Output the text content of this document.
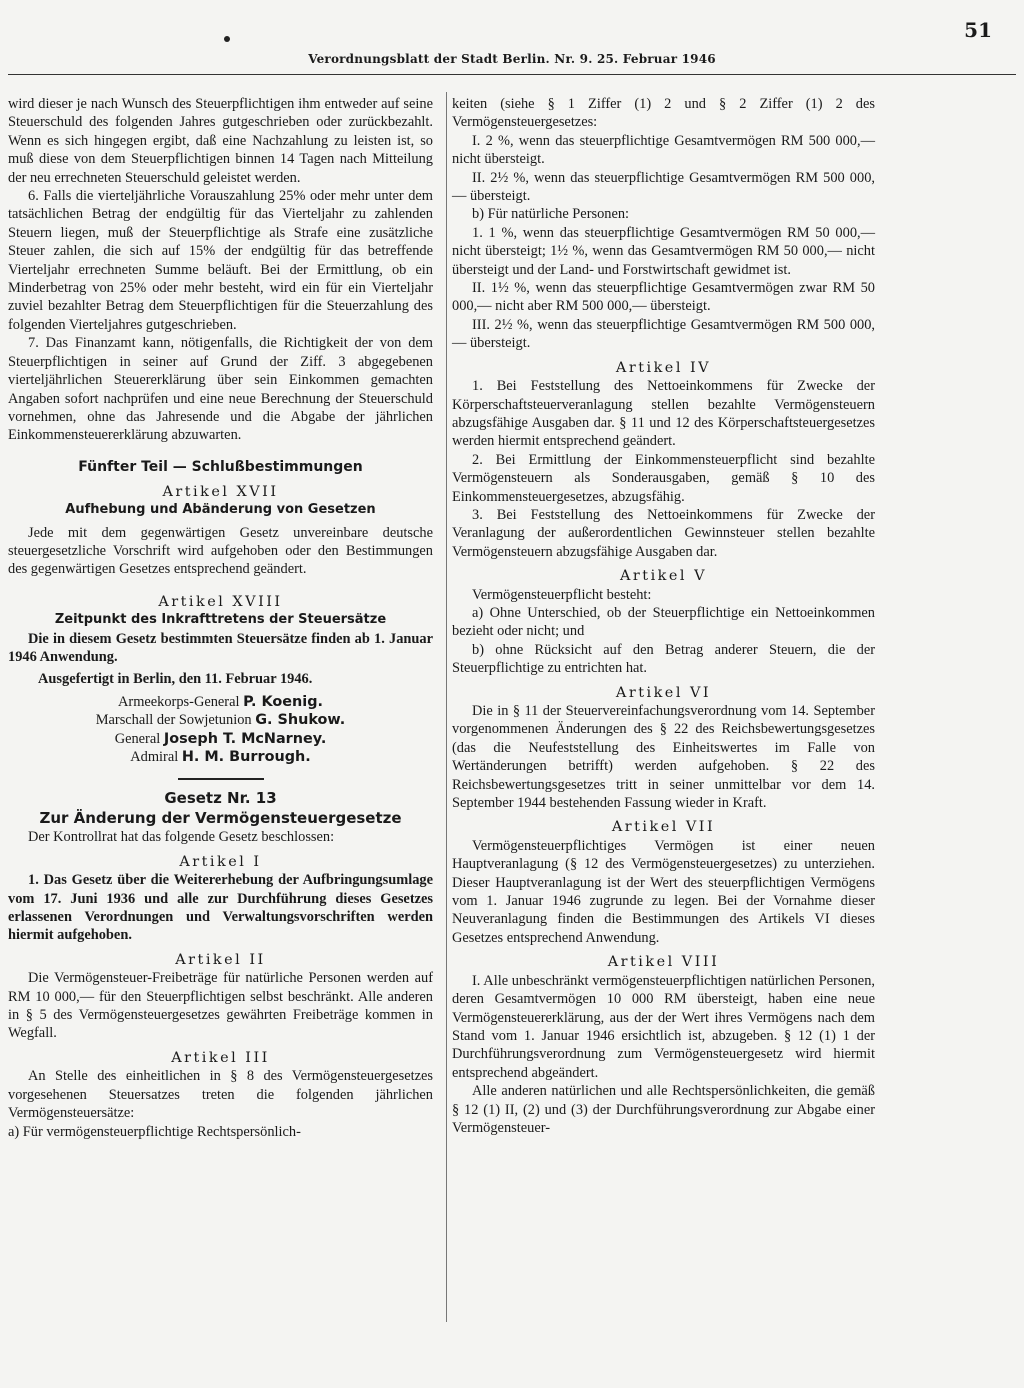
Verordnungsblatt der Stadt Berlin. Nr. 9. 25. Februar 1946
51

wird dieser je nach Wunsch des Steuerpflichtigen ihm entweder auf seine Steuerschuld des folgenden Jahres gutgeschrieben oder zurückbezahlt. Wenn es sich hingegen ergibt, daß eine Nachzahlung zu leisten ist, so muß diese von dem Steuerpflichtigen binnen 14 Tagen nach Mitteilung der neu errechneten Steuerschuld geleistet werden.

6. Falls die vierteljährliche Vorauszahlung 25% oder mehr unter dem tatsächlichen Betrag der endgültig für das Vierteljahr zu zahlenden Steuern liegen, muß der Steuerpflichtige als Strafe eine zusätzliche Steuer zahlen, die sich auf 15% der endgültig für das betreffende Vierteljahr errechneten Summe beläuft. Bei der Ermittlung, ob ein Minderbetrag von 25% oder mehr besteht, wird ein für ein Vierteljahr zuviel bezahlter Betrag dem Steuerpflichtigen für die Steuerzahlung des folgenden Vierteljahres gutgeschrieben.

7. Das Finanzamt kann, nötigenfalls, die Richtigkeit der von dem Steuerpflichtigen in seiner auf Grund der Ziff. 3 abgegebenen vierteljährlichen Steuererklärung über sein Einkommen gemachten Angaben sofort nachprüfen und eine neue Berechnung der Steuerschuld vornehmen, ohne das Jahresende und die Abgabe der jährlichen Einkommensteuererklärung abzuwarten.

Fünfter Teil — Schlußbestimmungen
Artikel XVII
Aufhebung und Abänderung von Gesetzen

Jede mit dem gegenwärtigen Gesetz unvereinbare deutsche steuergesetzliche Vorschrift wird aufgehoben oder den Bestimmungen des gegenwärtigen Gesetzes entsprechend geändert.

Artikel XVIII
Zeitpunkt des Inkrafttretens der Steuersätze

Die in diesem Gesetz bestimmten Steuersätze finden ab 1. Januar 1946 Anwendung.

Ausgefertigt in Berlin, den 11. Februar 1946.

Armeekorps-General P. Koenig.
Marschall der Sowjetunion G. Shukow.
General Joseph T. McNarney.
Admiral H. M. Burrough.
Gesetz Nr. 13
Zur Änderung der Vermögensteuergesetze

Der Kontrollrat hat das folgende Gesetz beschlossen:

Artikel I

1. Das Gesetz über die Weitererhebung der Aufbringungsumlage vom 17. Juni 1936 und alle zur Durchführung dieses Gesetzes erlassenen Verordnungen und Verwaltungsvorschriften werden hiermit aufgehoben.

Artikel II

Die Vermögensteuer-Freibeträge für natürliche Personen werden auf RM 10 000,— für den Steuerpflichtigen selbst beschränkt. Alle anderen in § 5 des Vermögensteuergesetzes gewährten Freibeträge kommen in Wegfall.

Artikel III

An Stelle des einheitlichen in § 8 des Vermögensteuergesetzes vorgesehenen Steuersatzes treten die folgenden jährlichen Vermögensteuersätze:

a) Für vermögensteuerpflichtige Rechtspersönlich-

keiten (siehe § 1 Ziffer (1) 2 und § 2 Ziffer (1) 2 des Vermögensteuergesetzes:

I. 2 %, wenn das steuerpflichtige Gesamtvermögen RM 500 000,— nicht übersteigt.

II. 2½ %, wenn das steuerpflichtige Gesamtvermögen RM 500 000,— übersteigt.

b) Für natürliche Personen:

1. 1 %, wenn das steuerpflichtige Gesamtvermögen RM 50 000,— nicht übersteigt; 1½ %, wenn das Gesamtvermögen RM 50 000,— nicht übersteigt und der Land- und Forstwirtschaft gewidmet ist.

II. 1½ %, wenn das steuerpflichtige Gesamtvermögen zwar RM 50 000,— nicht aber RM 500 000,— übersteigt.

III. 2½ %, wenn das steuerpflichtige Gesamtvermögen RM 500 000,— übersteigt.

Artikel IV

1. Bei Feststellung des Nettoeinkommens für Zwecke der Körperschaftsteuerveranlagung stellen bezahlte Vermögensteuern abzugsfähige Ausgaben dar. § 11 und 12 des Körperschaftsteuergesetzes werden hiermit entsprechend geändert.

2. Bei Ermittlung der Einkommensteuerpflicht sind bezahlte Vermögensteuern als Sonderausgaben, gemäß § 10 des Einkommensteuergesetzes, abzugsfähig.

3. Bei Feststellung des Nettoeinkommens für Zwecke der Veranlagung der außerordentlichen Gewinnsteuer stellen bezahlte Vermögensteuern abzugsfähige Ausgaben dar.

Artikel V

Vermögensteuerpflicht besteht:

a) Ohne Unterschied, ob der Steuerpflichtige ein Nettoeinkommen bezieht oder nicht; und

b) ohne Rücksicht auf den Betrag anderer Steuern, die der Steuerpflichtige zu entrichten hat.

Artikel VI

Die in § 11 der Steuervereinfachungsverordnung vom 14. September vorgenommenen Änderungen des § 22 des Reichsbewertungsgesetzes (das die Neufeststellung des Einheitswertes im Falle von Wertänderungen betrifft) werden aufgehoben. § 22 des Reichsbewertungsgesetzes tritt in seiner unmittelbar vor dem 14. September 1944 bestehenden Fassung wieder in Kraft.

Artikel VII

Vermögensteuerpflichtiges Vermögen ist einer neuen Hauptveranlagung (§ 12 des Vermögensteuergesetzes) zu unterziehen. Dieser Hauptveranlagung ist der Wert des steuerpflichtigen Vermögens vom 1. Januar 1946 zugrunde zu legen. Bei der Vornahme dieser Neuveranlagung finden die Bestimmungen des Artikels VI dieses Gesetzes entsprechend Anwendung.

Artikel VIII

I. Alle unbeschränkt vermögensteuerpflichtigen natürlichen Personen, deren Gesamtvermögen 10 000 RM übersteigt, haben eine neue Vermögensteuererklärung, aus der der Wert ihres Vermögens nach dem Stand vom 1. Januar 1946 ersichtlich ist, abzugeben. § 12 (1) 1 der Durchführungsverordnung zum Vermögensteuergesetz wird hiermit entsprechend abgeändert.

Alle anderen natürlichen und alle Rechtspersönlichkeiten, die gemäß § 12 (1) II, (2) und (3) der Durchführungsverordnung zur Abgabe einer Vermögensteuer-
